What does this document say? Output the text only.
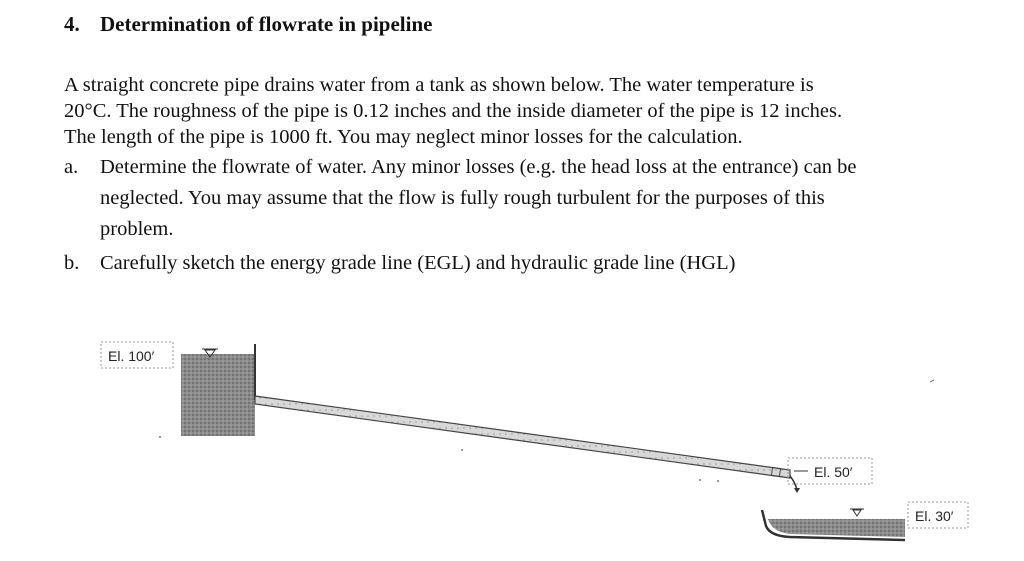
4. Determination of flowrate in pipeline

A straight concrete pipe drains water from a tank as shown below. The water temperature is

20°C. The roughness of the pipe is 0.12 inches and the inside diameter of the pipe is 12 inches.

The length of the pipe is 1000 ft. You may neglect minor losses for the calculation.

a.	Determine the flowrate of water. Any minor losses (e.g. the head loss at the entrance) can be
neglected. You may assume that the flow is fully rough turbulent for the purposes of this
problem.
b.	Carefully sketch the energy grade line (EGL) and hydraulic grade line (HGL)
El. 100′
El. 50′
El. 30′
